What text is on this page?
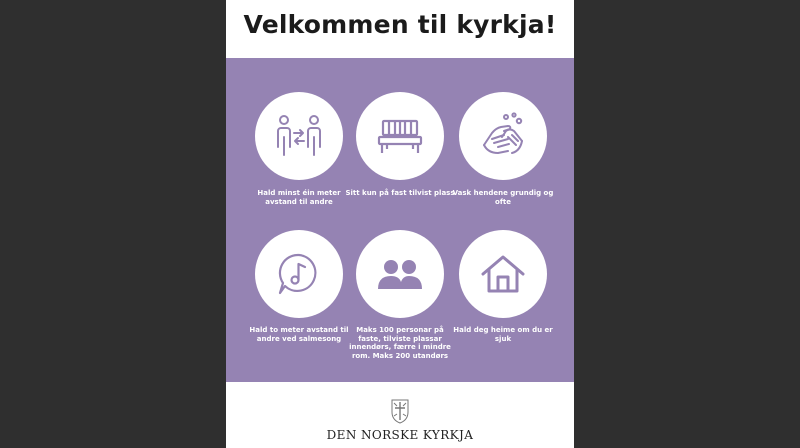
Velkommen til kyrkja!
Hald minst éin meter avstand til andre
Sitt kun på fast tilvist plass
Vask hendene grundig og ofte
Hald to meter avstand til andre ved salmesong
Maks 100 personar på faste, tilviste plassar innendørs, færre i mindre rom. Maks 200 utandørs
Hald deg heime om du er sjuk
DEN NORSKE KYRKJA
